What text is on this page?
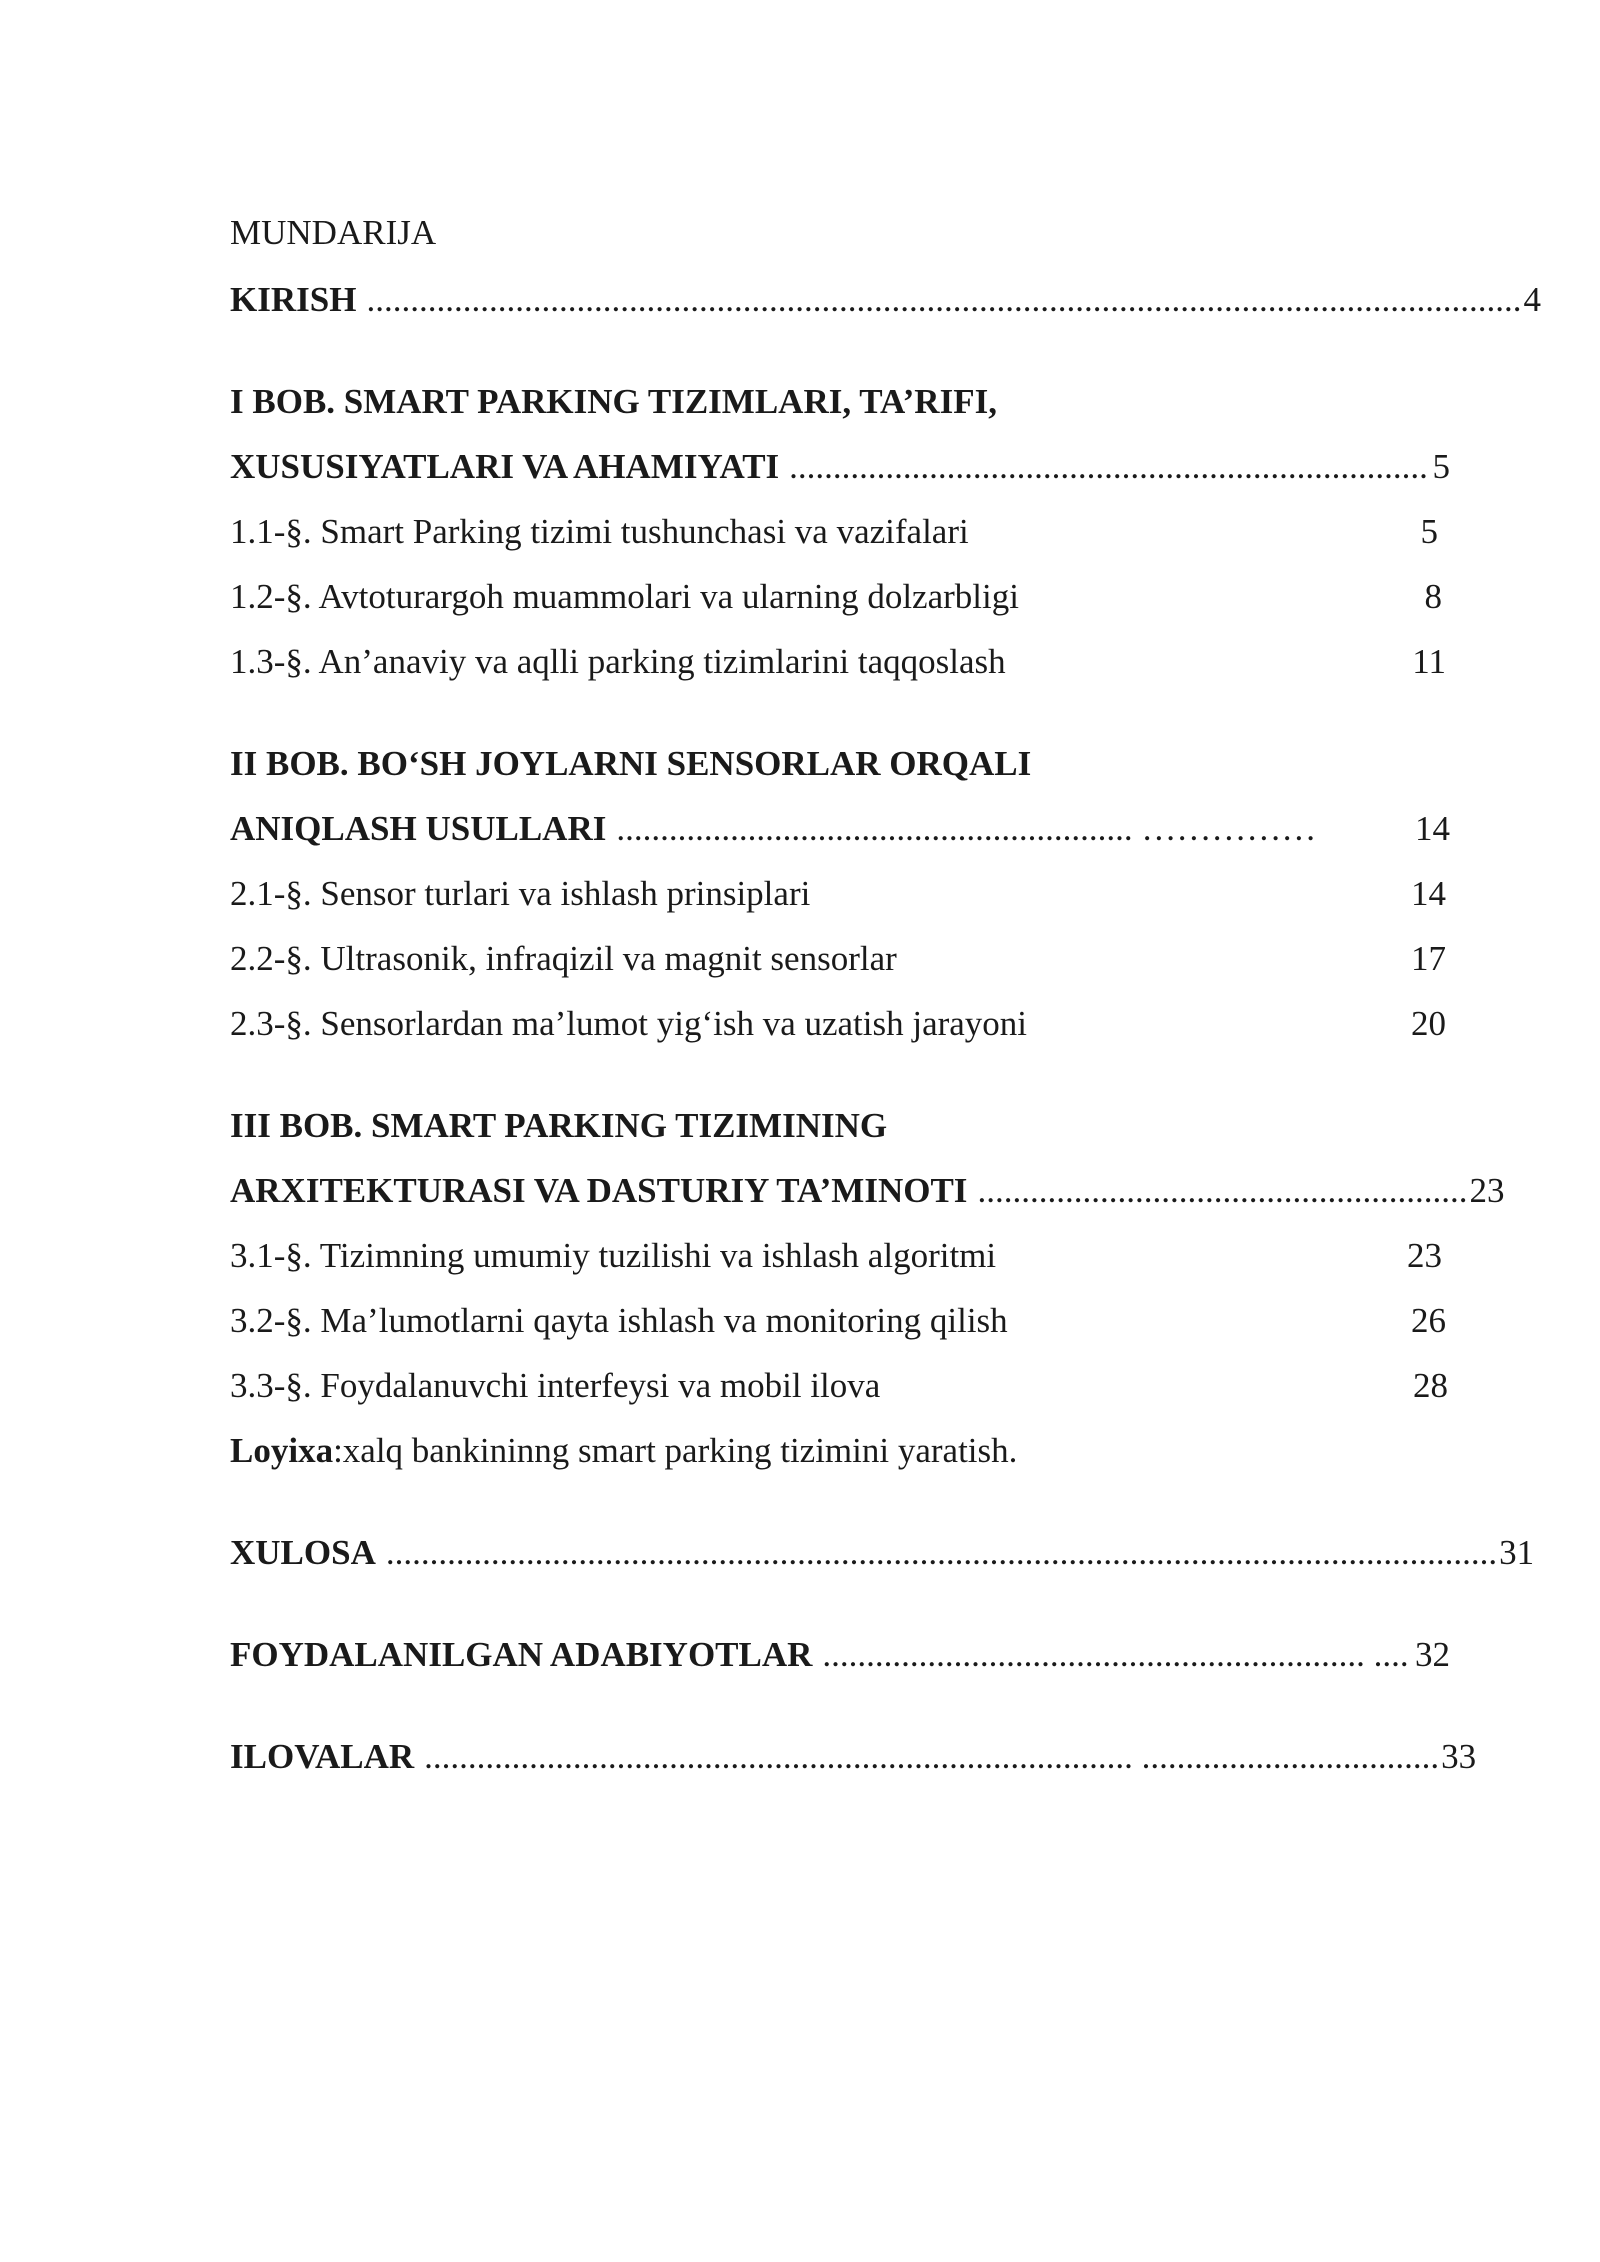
MUNDARIJA
KIRISH .................................................................................................................................... 4
I BOB. SMART PARKING TIZIMLARI, TA’RIFI,
XUSUSIYATLARI VA AHAMIYATI ......................................................................... 5
1.1-§. Smart Parking tizimi tushunchasi va vazifalari	5
1.2-§. Avtoturargoh muammolari va ularning dolzarbligi	8
1.3-§. An’anaviy va aqlli parking tizimlarini taqqoslash	11
II BOB. BO‘SH JOYLARNI SENSORLAR ORQALI
ANIQLASH USULLARI ........................................................... ……………	14
2.1-§. Sensor turlari va ishlash prinsiplari	14
2.2-§. Ultrasonik, infraqizil va magnit sensorlar	17
2.3-§. Sensorlardan ma’lumot yig‘ish va uzatish jarayoni	20
III BOB. SMART PARKING TIZIMINING
ARXITEKTURASI VA DASTURIY TA’MINOTI ........................................................ 23
3.1-§. Tizimning umumiy tuzilishi va ishlash algoritmi	23
3.2-§. Ma’lumotlarni qayta ishlash va monitoring qilish	26
3.3-§. Foydalanuvchi interfeysi va mobil ilova	28
Loyixa:xalq bankininng smart parking tizimini yaratish.
XULOSA ............................................................................................................................... 31
FOYDALANILGAN ADABIYOTLAR .............................................................. .... 32
ILOVALAR ................................................................................. .................................. 33
